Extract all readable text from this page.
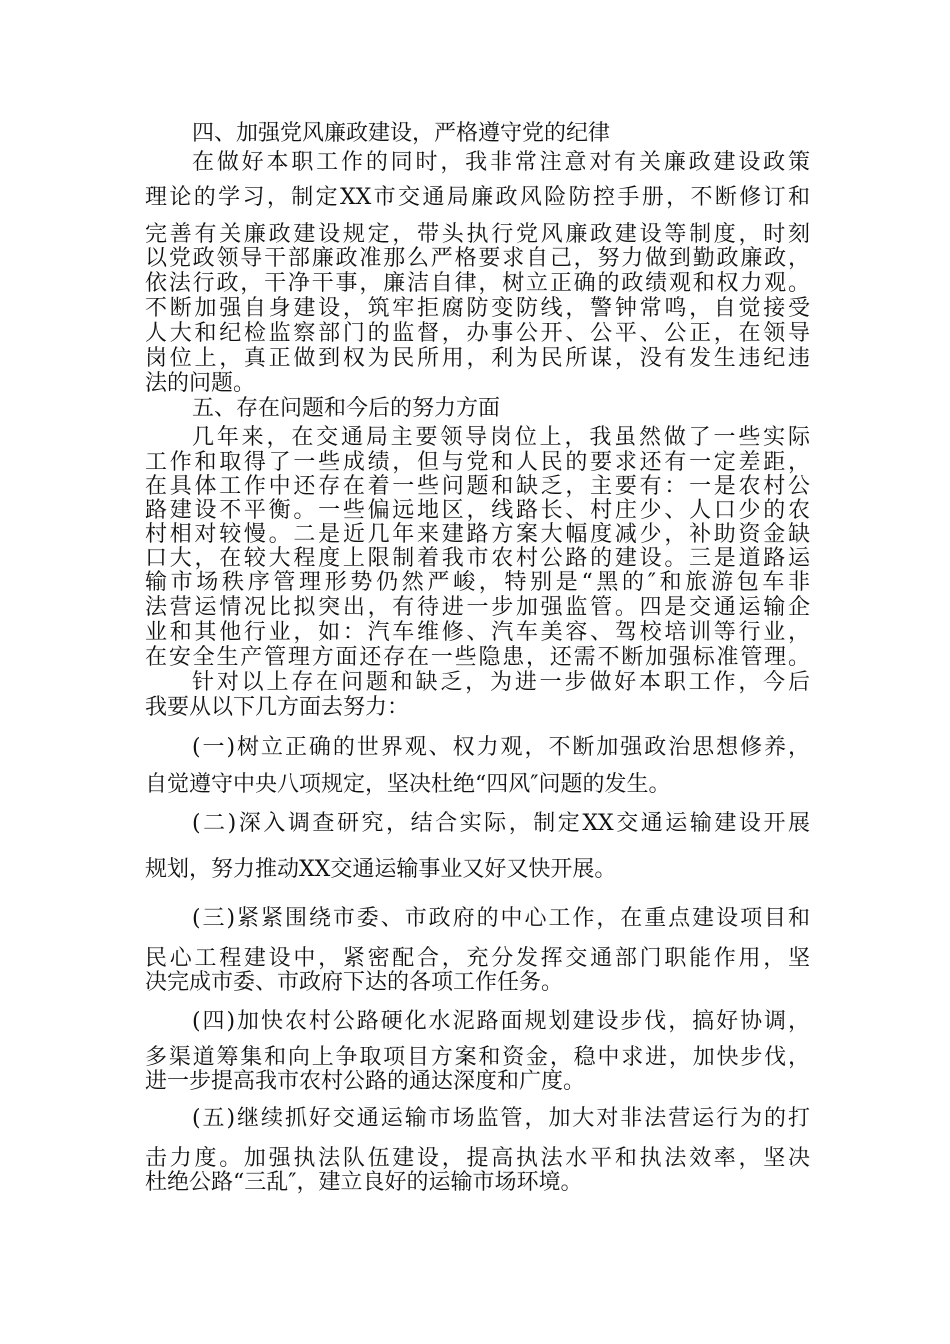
四、加强党风廉政建设，严格遵守党的纪律
在做好本职工作的同时，我非常注意对有关廉政建设政策
理论的学习，制定XX市交通局廉政风险防控手册，不断修订和
完善有关廉政建设规定，带头执行党风廉政建设等制度，时刻
以党政领导干部廉政准那么严格要求自己，努力做到勤政廉政，
依法行政，干净干事，廉洁自律，树立正确的政绩观和权力观。
不断加强自身建设，筑牢拒腐防变防线，警钟常鸣，自觉接受
人大和纪检监察部门的监督，办事公开、公平、公正，在领导
岗位上，真正做到权为民所用，利为民所谋，没有发生违纪违
法的问题。
五、存在问题和今后的努力方面
几年来，在交通局主要领导岗位上，我虽然做了一些实际
工作和取得了一些成绩，但与党和人民的要求还有一定差距，
在具体工作中还存在着一些问题和缺乏，主要有：一是农村公
路建设不平衡。一些偏远地区，线路长、村庄少、人口少的农
村相对较慢。二是近几年来建路方案大幅度减少，补助资金缺
口大，在较大程度上限制着我市农村公路的建设。三是道路运
输市场秩序管理形势仍然严峻，特别是“黑的″和旅游包车非
法营运情况比拟突出，有待进一步加强监管。四是交通运输企
业和其他行业，如：汽车维修、汽车美容、驾校培训等行业，
在安全生产管理方面还存在一些隐患，还需不断加强标准管理。
针对以上存在问题和缺乏，为进一步做好本职工作，今后
我要从以下几方面去努力：
(一)树立正确的世界观、权力观，不断加强政治思想修养，
自觉遵守中央八项规定，坚决杜绝“四风″问题的发生。
(二)深入调查研究，结合实际，制定XX交通运输建设开展
规划，努力推动XX交通运输事业又好又快开展。
(三)紧紧围绕市委、市政府的中心工作，在重点建设项目和
民心工程建设中，紧密配合，充分发挥交通部门职能作用，坚
决完成市委、市政府下达的各项工作任务。
(四)加快农村公路硬化水泥路面规划建设步伐，搞好协调，
多渠道筹集和向上争取项目方案和资金，稳中求进，加快步伐，
进一步提高我市农村公路的通达深度和广度。
(五)继续抓好交通运输市场监管，加大对非法营运行为的打
击力度。加强执法队伍建设，提高执法水平和执法效率，坚决
杜绝公路“三乱″，建立良好的运输市场环境。
